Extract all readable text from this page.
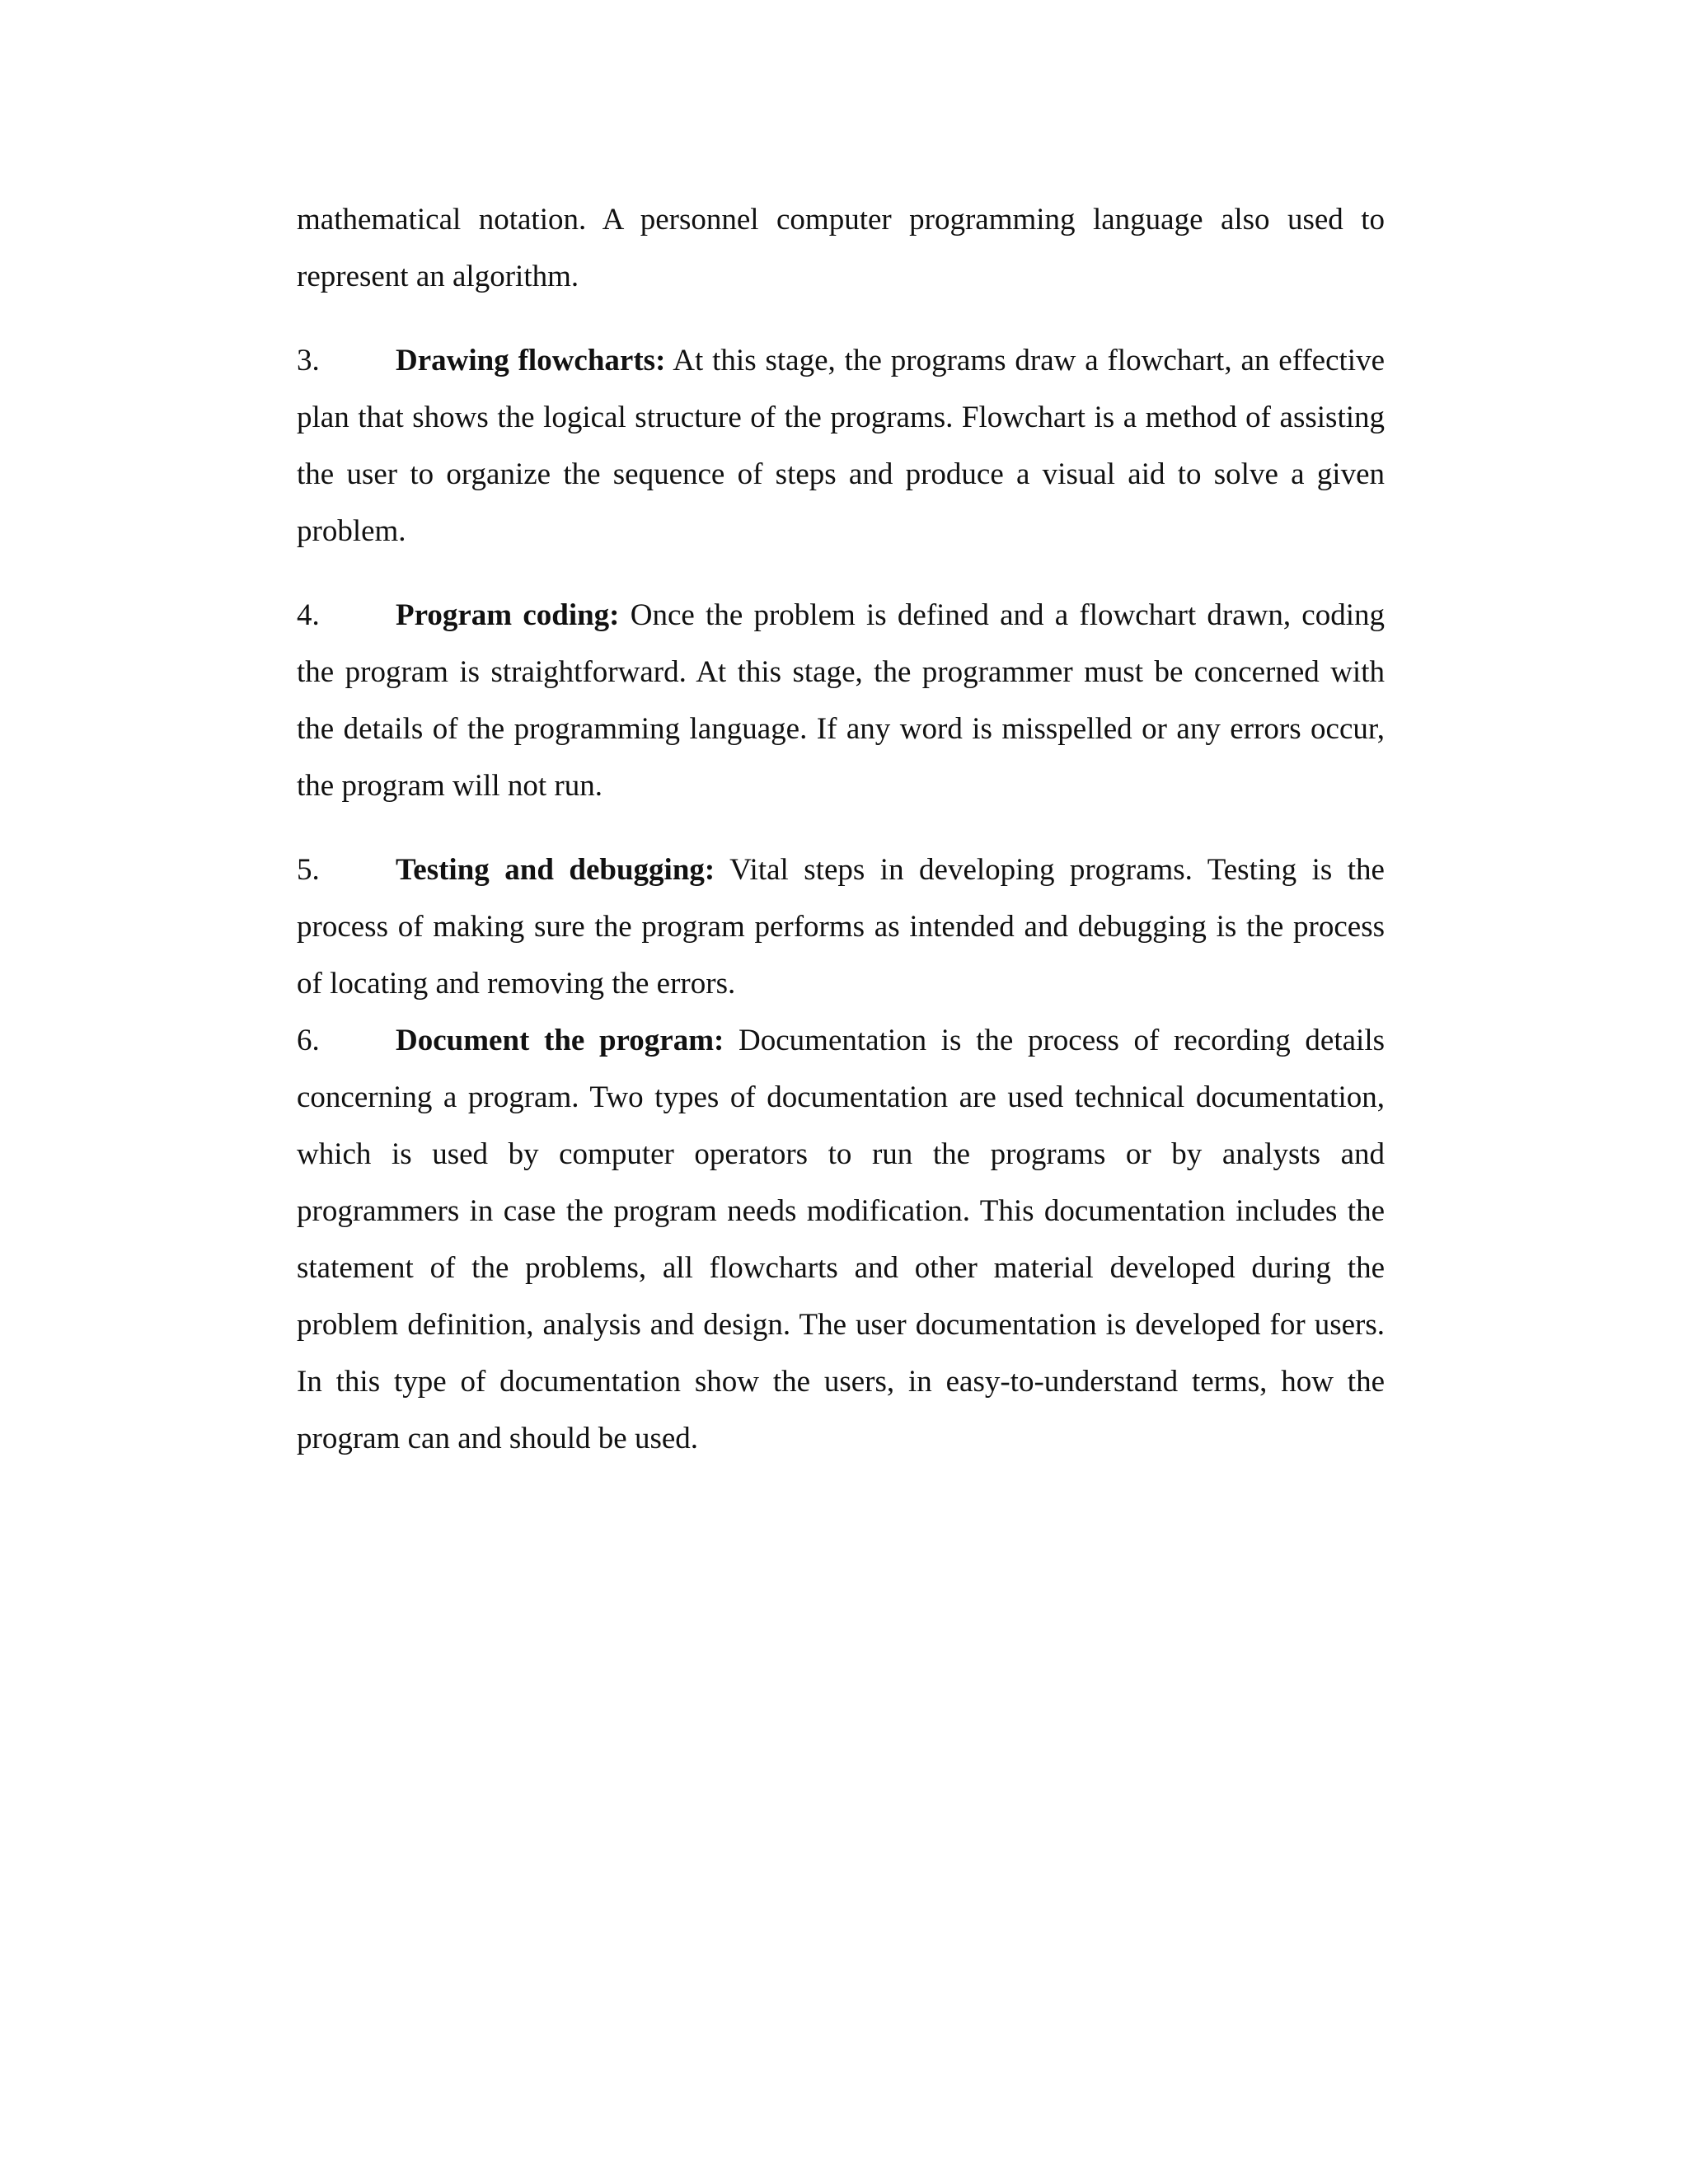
mathematical notation. A personnel computer programming language also used to represent an algorithm.

3. Drawing flowcharts: At this stage, the programs draw a flowchart, an effective plan that shows the logical structure of the programs. Flowchart is a method of assisting the user to organize the sequence of steps and produce a visual aid to solve a given problem.

4. Program coding: Once the problem is defined and a flowchart drawn, coding the program is straightforward. At this stage, the programmer must be concerned with the details of the programming language. If any word is misspelled or any errors occur, the program will not run.

5. Testing and debugging: Vital steps in developing programs. Testing is the process of making sure the program performs as intended and debugging is the process of locating and removing the errors.

6. Document the program: Documentation is the process of recording details concerning a program. Two types of documentation are used technical documentation, which is used by computer operators to run the programs or by analysts and programmers in case the program needs modification. This documentation includes the statement of the problems, all flowcharts and other material developed during the problem definition, analysis and design. The user documentation is developed for users. In this type of documentation show the users, in easy-to-understand terms, how the program can and should be used.
